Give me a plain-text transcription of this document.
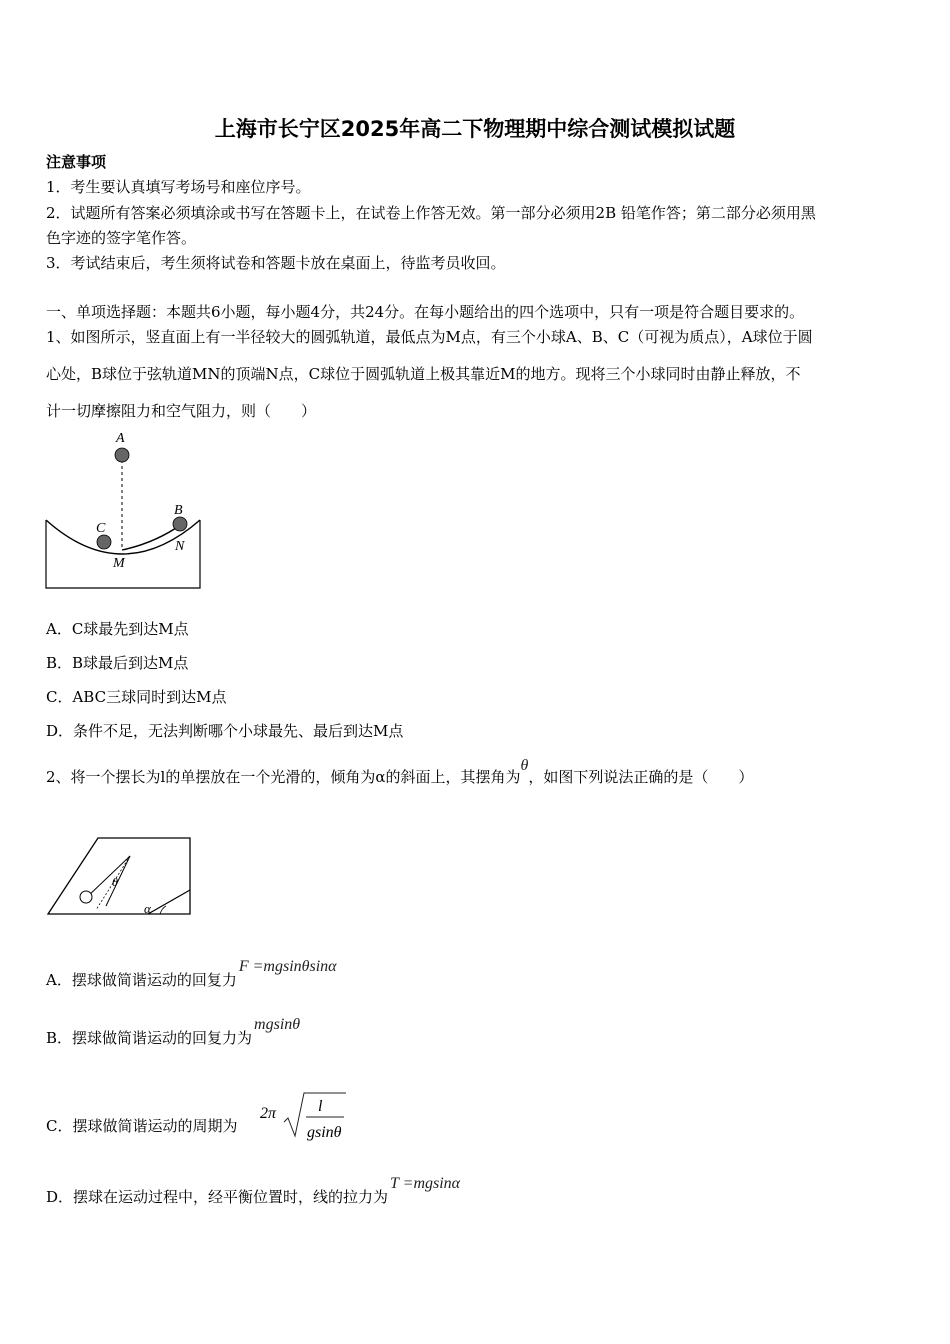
上海市长宁区2025年高二下物理期中综合测试模拟试题
注意事项
1．考生要认真填写考场号和座位序号。
2．试题所有答案必须填涂或书写在答题卡上，在试卷上作答无效。第一部分必须用2B 铅笔作答；第二部分必须用黑
色字迹的签字笔作答。
3．考试结束后，考生须将试卷和答题卡放在桌面上，待监考员收回。
一、单项选择题：本题共6小题，每小题4分，共24分。在每小题给出的四个选项中，只有一项是符合题目要求的。
1、如图所示，竖直面上有一半径较大的圆弧轨道，最低点为M点，有三个小球A、B、C（可视为质点），A球位于圆
心处，B球位于弦轨道MN的顶端N点，C球位于圆弧轨道上极其靠近M的地方。现将三个小球同时由静止释放，不
计一切摩擦阻力和空气阻力，则（　　）
A
B
C
M
N
A．C球最先到达M点
B．B球最后到达M点
C．ABC三球同时到达M点
D．条件不足，无法判断哪个小球最先、最后到达M点
2、将一个摆长为l的单摆放在一个光滑的，倾角为α的斜面上，其摆角为θ，如图下列说法正确的是（　　）
θ
α
A．摆球做简谐运动的回复力F =mgsinθsinα
B．摆球做简谐运动的回复力为mgsinθ
C．摆球做简谐运动的周期为
2π	l
gsinθ
D．摆球在运动过程中，经平衡位置时，线的拉力为T =mgsinα
